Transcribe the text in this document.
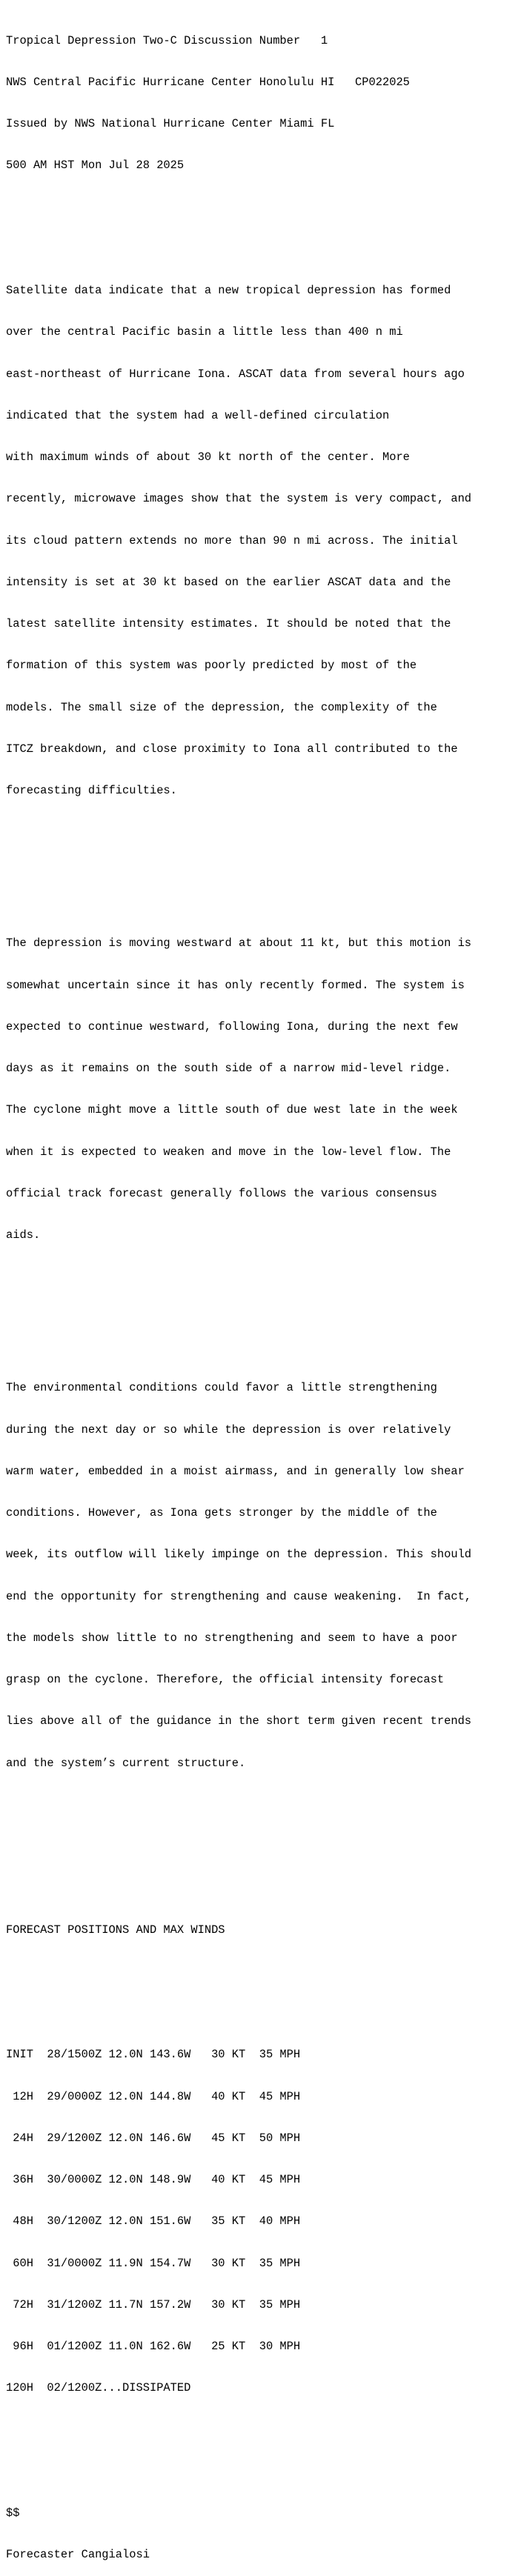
Tropical Depression Two-C Discussion Number   1

NWS Central Pacific Hurricane Center Honolulu HI   CP022025

Issued by NWS National Hurricane Center Miami FL

500 AM HST Mon Jul 28 2025

Satellite data indicate that a new tropical depression has formed

over the central Pacific basin a little less than 400 n mi

east-northeast of Hurricane Iona. ASCAT data from several hours ago

indicated that the system had a well-defined circulation

with maximum winds of about 30 kt north of the center. More

recently, microwave images show that the system is very compact, and

its cloud pattern extends no more than 90 n mi across. The initial

intensity is set at 30 kt based on the earlier ASCAT data and the

latest satellite intensity estimates. It should be noted that the

formation of this system was poorly predicted by most of the

models. The small size of the depression, the complexity of the

ITCZ breakdown, and close proximity to Iona all contributed to the

forecasting difficulties.

The depression is moving westward at about 11 kt, but this motion is

somewhat uncertain since it has only recently formed. The system is

expected to continue westward, following Iona, during the next few

days as it remains on the south side of a narrow mid-level ridge.

The cyclone might move a little south of due west late in the week

when it is expected to weaken and move in the low-level flow. The

official track forecast generally follows the various consensus

aids.

The environmental conditions could favor a little strengthening

during the next day or so while the depression is over relatively

warm water, embedded in a moist airmass, and in generally low shear

conditions. However, as Iona gets stronger by the middle of the

week, its outflow will likely impinge on the depression. This should

end the opportunity for strengthening and cause weakening.  In fact,

the models show little to no strengthening and seem to have a poor

grasp on the cyclone. Therefore, the official intensity forecast

lies above all of the guidance in the short term given recent trends

and the system’s current structure.

FORECAST POSITIONS AND MAX WINDS

INIT  28/1500Z 12.0N 143.6W   30 KT  35 MPH

12H  29/0000Z 12.0N 144.8W   40 KT  45 MPH

24H  29/1200Z 12.0N 146.6W   45 KT  50 MPH

36H  30/0000Z 12.0N 148.9W   40 KT  45 MPH

48H  30/1200Z 12.0N 151.6W   35 KT  40 MPH

60H  31/0000Z 11.9N 154.7W   30 KT  35 MPH

72H  31/1200Z 11.7N 157.2W   30 KT  35 MPH

96H  01/1200Z 11.0N 162.6W   25 KT  30 MPH

120H  02/1200Z...DISSIPATED

$$

Forecaster Cangialosi
